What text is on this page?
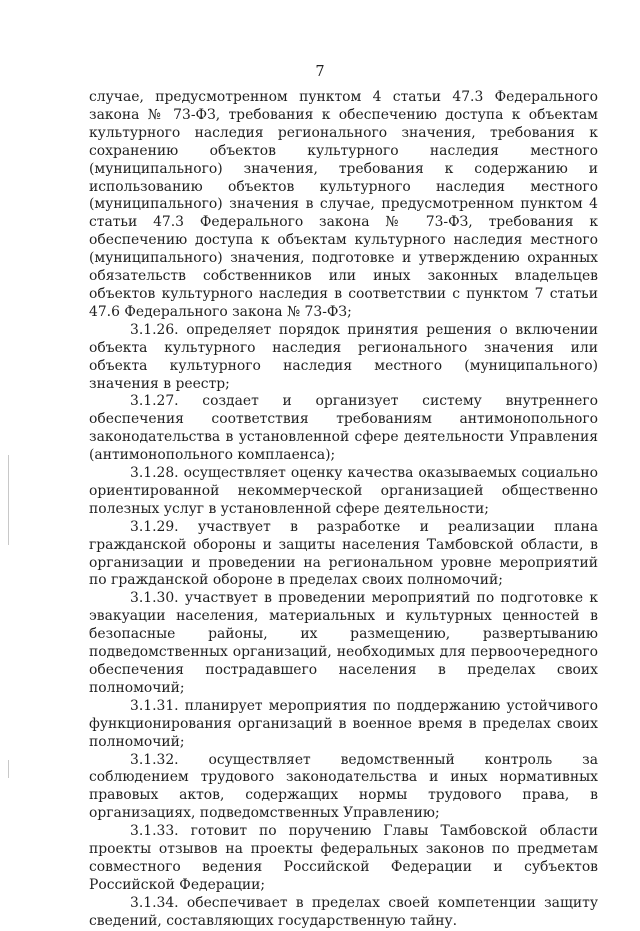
7

случае, предусмотренном пунктом 4 статьи 47.3 Федерального закона № 73-ФЗ, требования к обеспечению доступа к объектам культурного наследия регионального значения, требования к сохранению объектов культурного наследия местного (муниципального) значения, требования к содержанию и использованию объектов культурного наследия местного (муниципального) значения в случае, предусмотренном пунктом 4 статьи 47.3 Федерального закона № 73-ФЗ, требования к обеспечению доступа к объектам культурного наследия местного (муниципального) значения, подготовке и утверждению охранных обязательств собственников или иных законных владельцев объектов культурного наследия в соответствии с пунктом 7 статьи 47.6 Федерального закона № 73-ФЗ;

3.1.26. определяет порядок принятия решения о включении объекта культурного наследия регионального значения или объекта культурного наследия местного (муниципального) значения в реестр;

3.1.27. создает и организует систему внутреннего обеспечения соответствия требованиям антимонопольного законодательства в установленной сфере деятельности Управления (антимонопольного комплаенса);

3.1.28. осуществляет оценку качества оказываемых социально ориентированной некоммерческой организацией общественно полезных услуг в установленной сфере деятельности;

3.1.29. участвует в разработке и реализации плана гражданской обороны и защиты населения Тамбовской области, в организации и проведении на региональном уровне мероприятий по гражданской обороне в пределах своих полномочий;

3.1.30. участвует в проведении мероприятий по подготовке к эвакуации населения, материальных и культурных ценностей в безопасные районы, их размещению, развертыванию подведомственных организаций, необходимых для первоочередного обеспечения пострадавшего населения в пределах своих полномочий;

3.1.31. планирует мероприятия по поддержанию устойчивого функционирования организаций в военное время в пределах своих полномочий;

3.1.32. осуществляет ведомственный контроль за соблюдением трудового законодательства и иных нормативных правовых актов, содержащих нормы трудового права, в организациях, подведомственных Управлению;

3.1.33. готовит по поручению Главы Тамбовской области проекты отзывов на проекты федеральных законов по предметам совместного ведения Российской Федерации и субъектов Российской Федерации;

3.1.34. обеспечивает в пределах своей компетенции защиту сведений, составляющих государственную тайну.
